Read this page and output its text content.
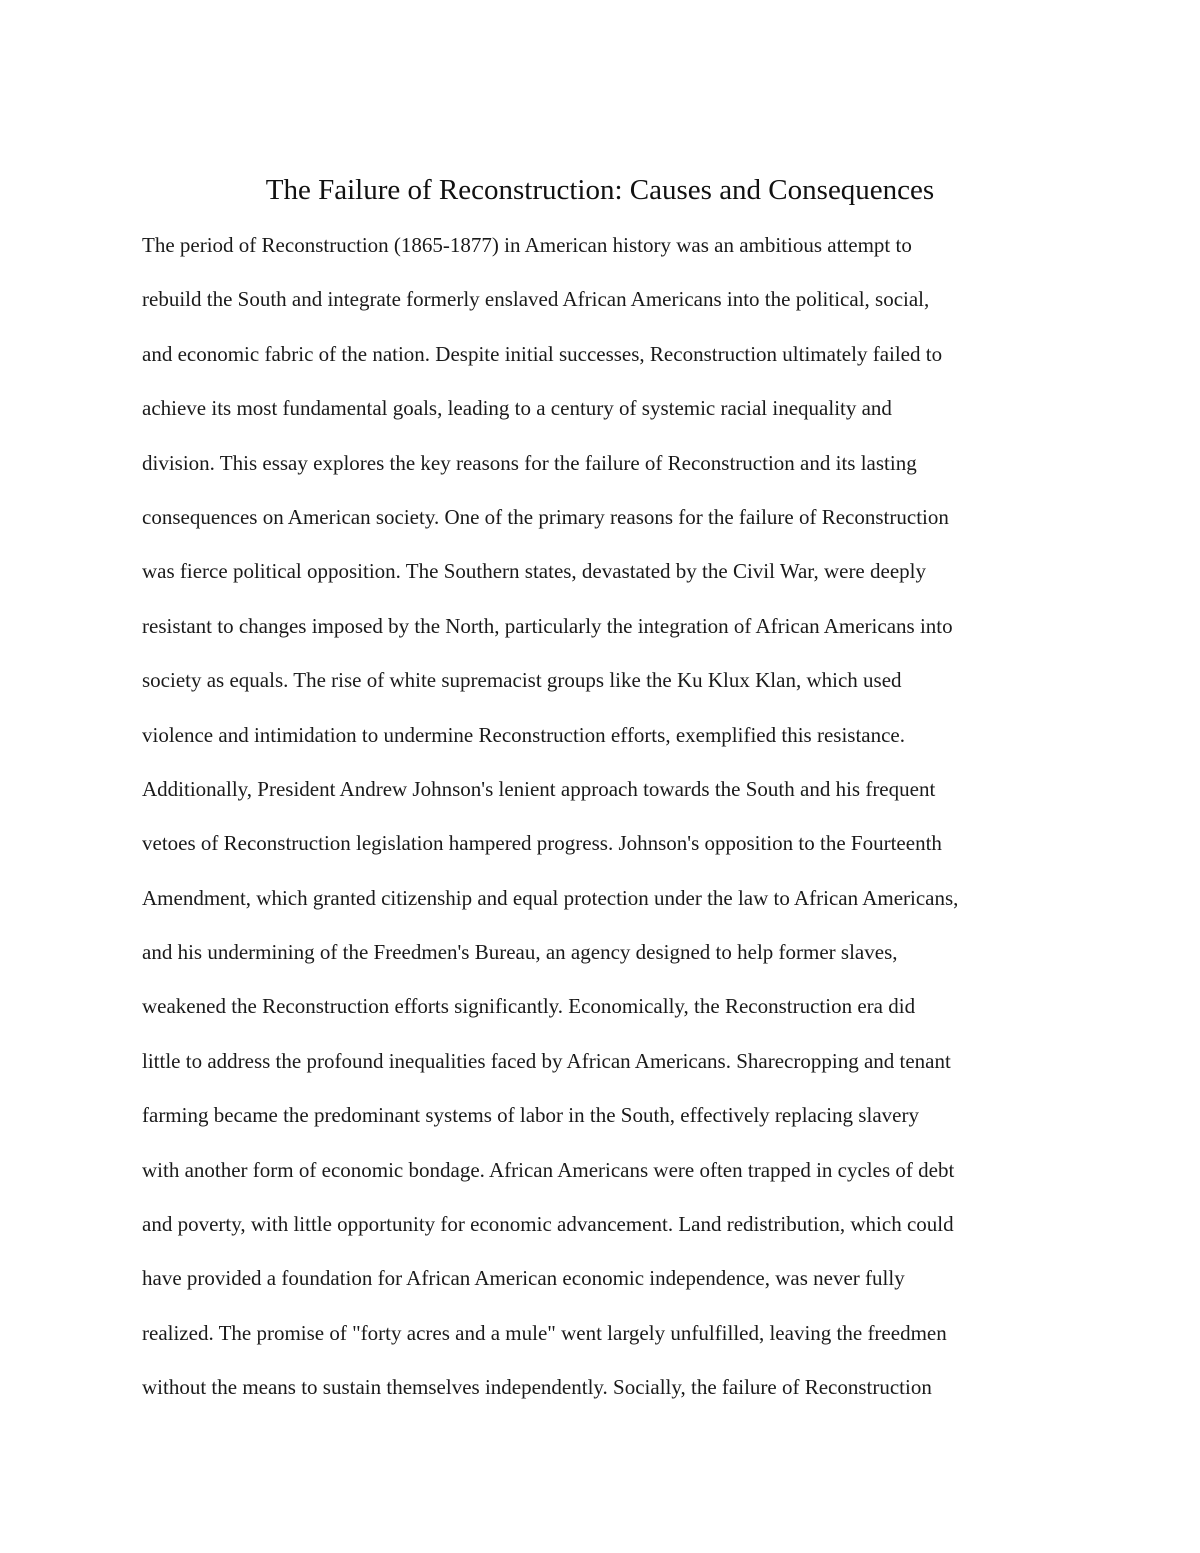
The Failure of Reconstruction: Causes and Consequences
The period of Reconstruction (1865-1877) in American history was an ambitious attempt to
rebuild the South and integrate formerly enslaved African Americans into the political, social,
and economic fabric of the nation. Despite initial successes, Reconstruction ultimately failed to
achieve its most fundamental goals, leading to a century of systemic racial inequality and
division. This essay explores the key reasons for the failure of Reconstruction and its lasting
consequences on American society. One of the primary reasons for the failure of Reconstruction
was fierce political opposition. The Southern states, devastated by the Civil War, were deeply
resistant to changes imposed by the North, particularly the integration of African Americans into
society as equals. The rise of white supremacist groups like the Ku Klux Klan, which used
violence and intimidation to undermine Reconstruction efforts, exemplified this resistance.
Additionally, President Andrew Johnson's lenient approach towards the South and his frequent
vetoes of Reconstruction legislation hampered progress. Johnson's opposition to the Fourteenth
Amendment, which granted citizenship and equal protection under the law to African Americans,
and his undermining of the Freedmen's Bureau, an agency designed to help former slaves,
weakened the Reconstruction efforts significantly. Economically, the Reconstruction era did
little to address the profound inequalities faced by African Americans. Sharecropping and tenant
farming became the predominant systems of labor in the South, effectively replacing slavery
with another form of economic bondage. African Americans were often trapped in cycles of debt
and poverty, with little opportunity for economic advancement. Land redistribution, which could
have provided a foundation for African American economic independence, was never fully
realized. The promise of "forty acres and a mule" went largely unfulfilled, leaving the freedmen
without the means to sustain themselves independently. Socially, the failure of Reconstruction
